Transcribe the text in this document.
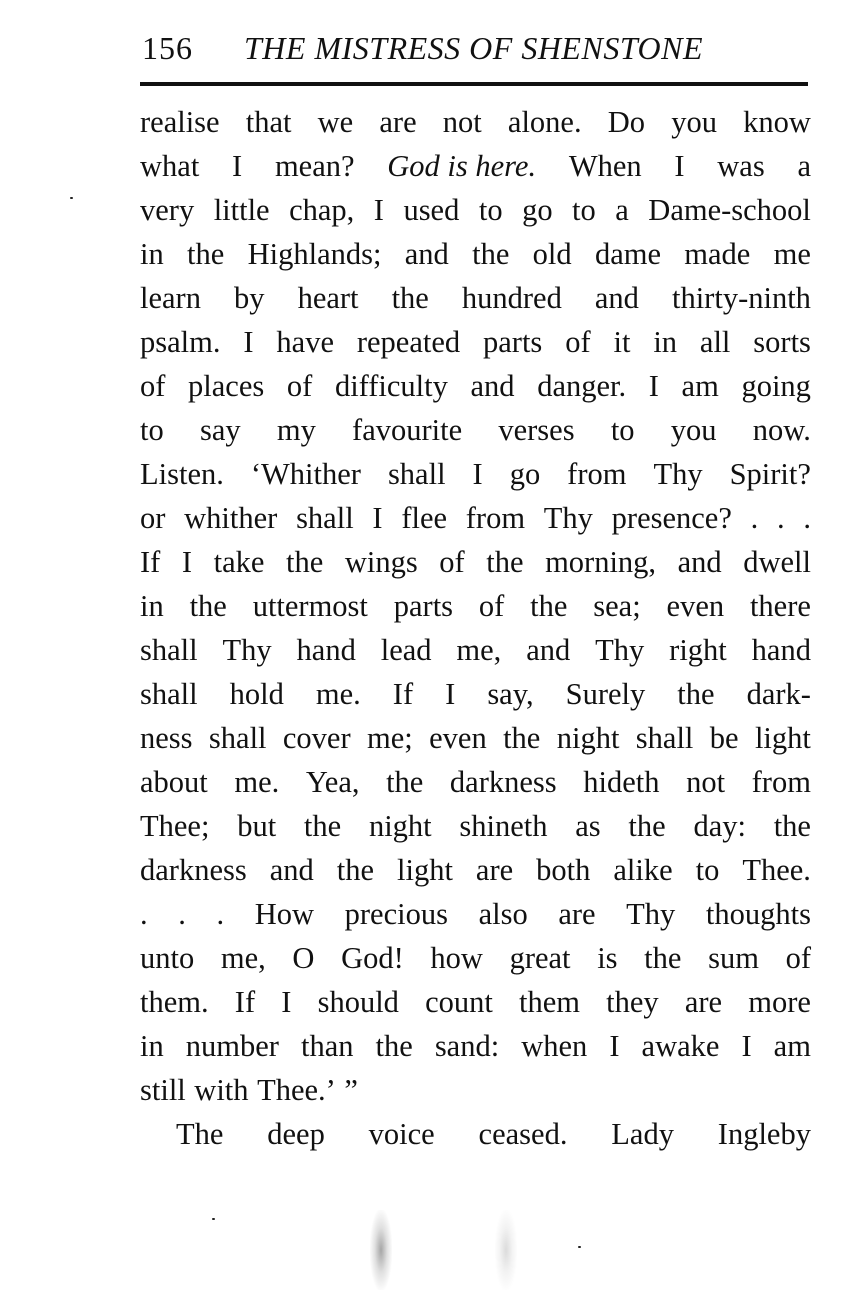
156 THE MISTRESS OF SHENSTONE
realise that we are not alone. Do you know
what I mean? God is here. When I was a
very little chap, I used to go to a Dame-school
in the Highlands; and the old dame made me
learn by heart the hundred and thirty-ninth
psalm. I have repeated parts of it in all sorts
of places of difficulty and danger. I am going
to say my favourite verses to you now.
Listen. ‘Whither shall I go from Thy Spirit?
or whither shall I flee from Thy presence? . . .
If I take the wings of the morning, and dwell
in the uttermost parts of the sea; even there
shall Thy hand lead me, and Thy right hand
shall hold me. If I say, Surely the dark-
ness shall cover me; even the night shall be light
about me. Yea, the darkness hideth not from
Thee; but the night shineth as the day: the
darkness and the light are both alike to Thee.
. . . How precious also are Thy thoughts
unto me, O God! how great is the sum of
them. If I should count them they are more
in number than the sand: when I awake I am
still with Thee.’ ”
The deep voice ceased. Lady Ingleby
